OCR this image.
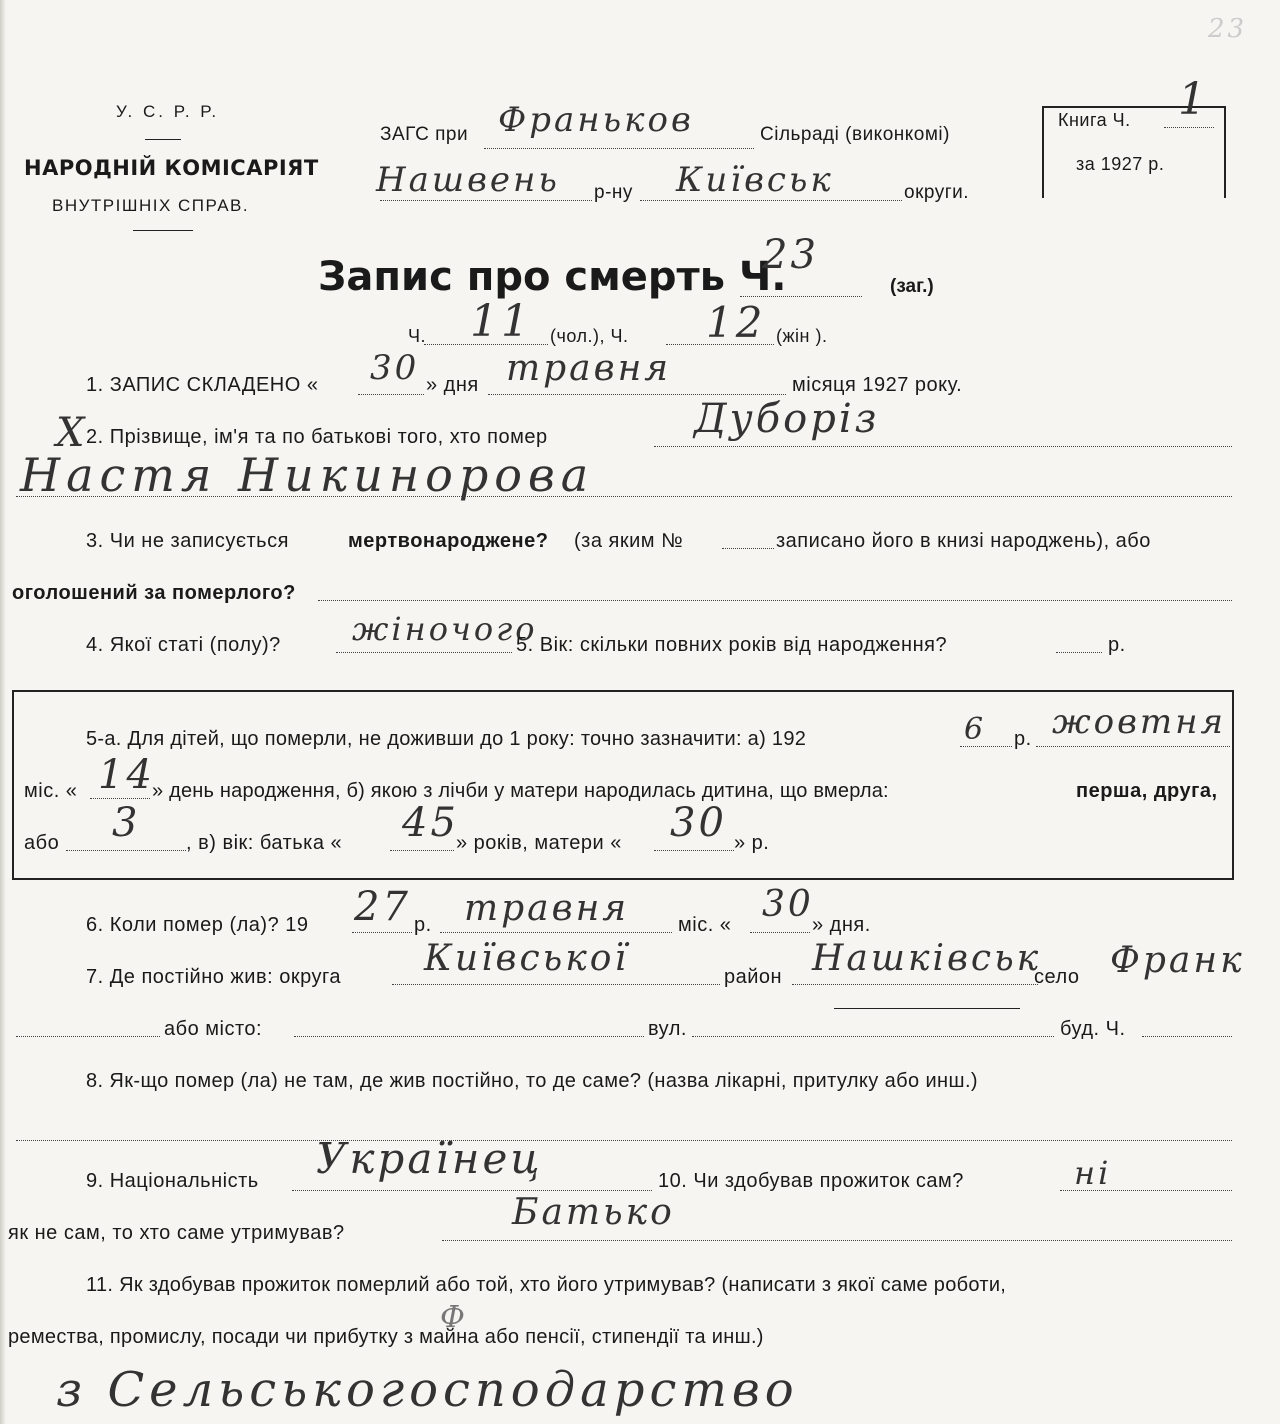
У. С. Р. Р.
НАРОДНІЙ КОМІСАРІЯТ
ВНУТРІШНІХ СПРАВ.
ЗАГС при Франьков	Сільраді (виконкомі)
Нашвень р-ну Київськ	округи.
Книга Ч. 1
за 1927 р.
23
Запис про смерть Ч.
23
(заг.)
Ч. 11 (чол.), Ч. 12 (жін ).
1. ЗАПИС СКЛАДЕНО « 30 » дня травня	місяця 1927 року.
Х
2. Прізвище, ім'я та по батькові того, хто помер	Дуборіз
Настя Никинорова
3. Чи не записується	мертвонароджене? (за яким №	записано його в книзі народжень), або
оголошений за померлого?
4. Якої статі (полу)? жіночого
5. Вік: скільки повних років від народження?	р.
5-а. Для дітей, що померли, не доживши до 1 року: точно зазначити: а) 192	6 р. жовтня
міс. « 14
» день народження, б) якою з лічби у матери народилась дитина, що вмерла:	перша, друга,
або 3 , в) вік: батька « 45
» років, матери « 30 » р.
6. Коли помер (ла)? 19 27 р. травня міс. « 30
» дня.
7. Де постійно жив: округа Київської	район Нашківськ
село Франк
або місто:	вул.	буд. Ч.
8. Як-що помер (ла) не там, де жив постійно, то де саме? (назва лікарні, притулку або инш.)
9. Національність Українец	10. Чи здобував прожиток сам?	ні
як не сам, то хто саме утримував?	Батько
11. Як здобував прожиток померлий або той, хто його утримував? (написати з якої саме роботи,
ремества, промислу, посади чи прибутку з майна або пенсії, стипендії та инш.)
Ф
з Сельськогосподарство
